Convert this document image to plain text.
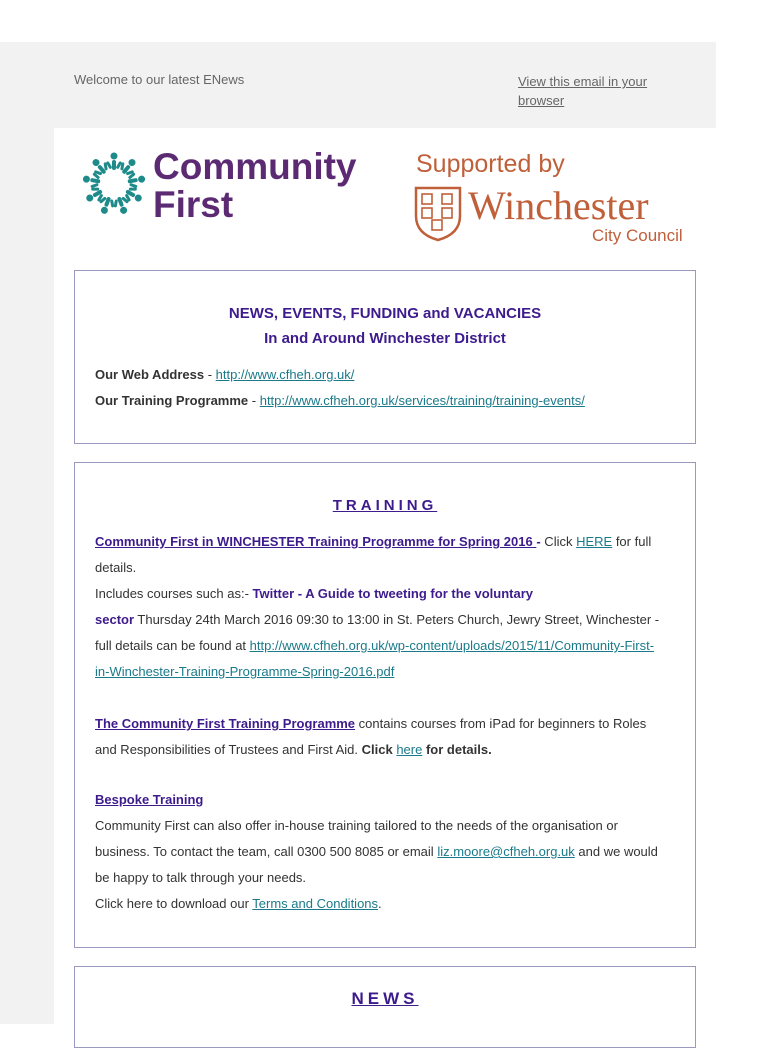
Welcome to our latest ENews	View this email in your
browser
Community
First
Supported by
Winchester
City Council
NEWS, EVENTS, FUNDING and VACANCIES
In and Around Winchester District
Our Web Address - http://www.cfheh.org.uk/
Our Training Programme - http://www.cfheh.org.uk/services/training/training-events/
TRAINING
Community First in WINCHESTER Training Programme for Spring 2016 - Click HERE for full
details.
Includes courses such as:- Twitter - A Guide to tweeting for the voluntary
sector Thursday 24th March 2016 09:30 to 13:00 in St. Peters Church, Jewry Street, Winchester -
full details can be found at http://www.cfheh.org.uk/wp-content/uploads/2015/11/Community-First-
in-Winchester-Training-Programme-Spring-2016.pdf
The Community First Training Programme contains courses from iPad for beginners to Roles
and Responsibilities of Trustees and First Aid. Click here for details.
Bespoke Training
Community First can also offer in-house training tailored to the needs of the organisation or
business. To contact the team, call 0300 500 8085 or email liz.moore@cfheh.org.uk and we would
be happy to talk through your needs.
Click here to download our Terms and Conditions.
NEWS
